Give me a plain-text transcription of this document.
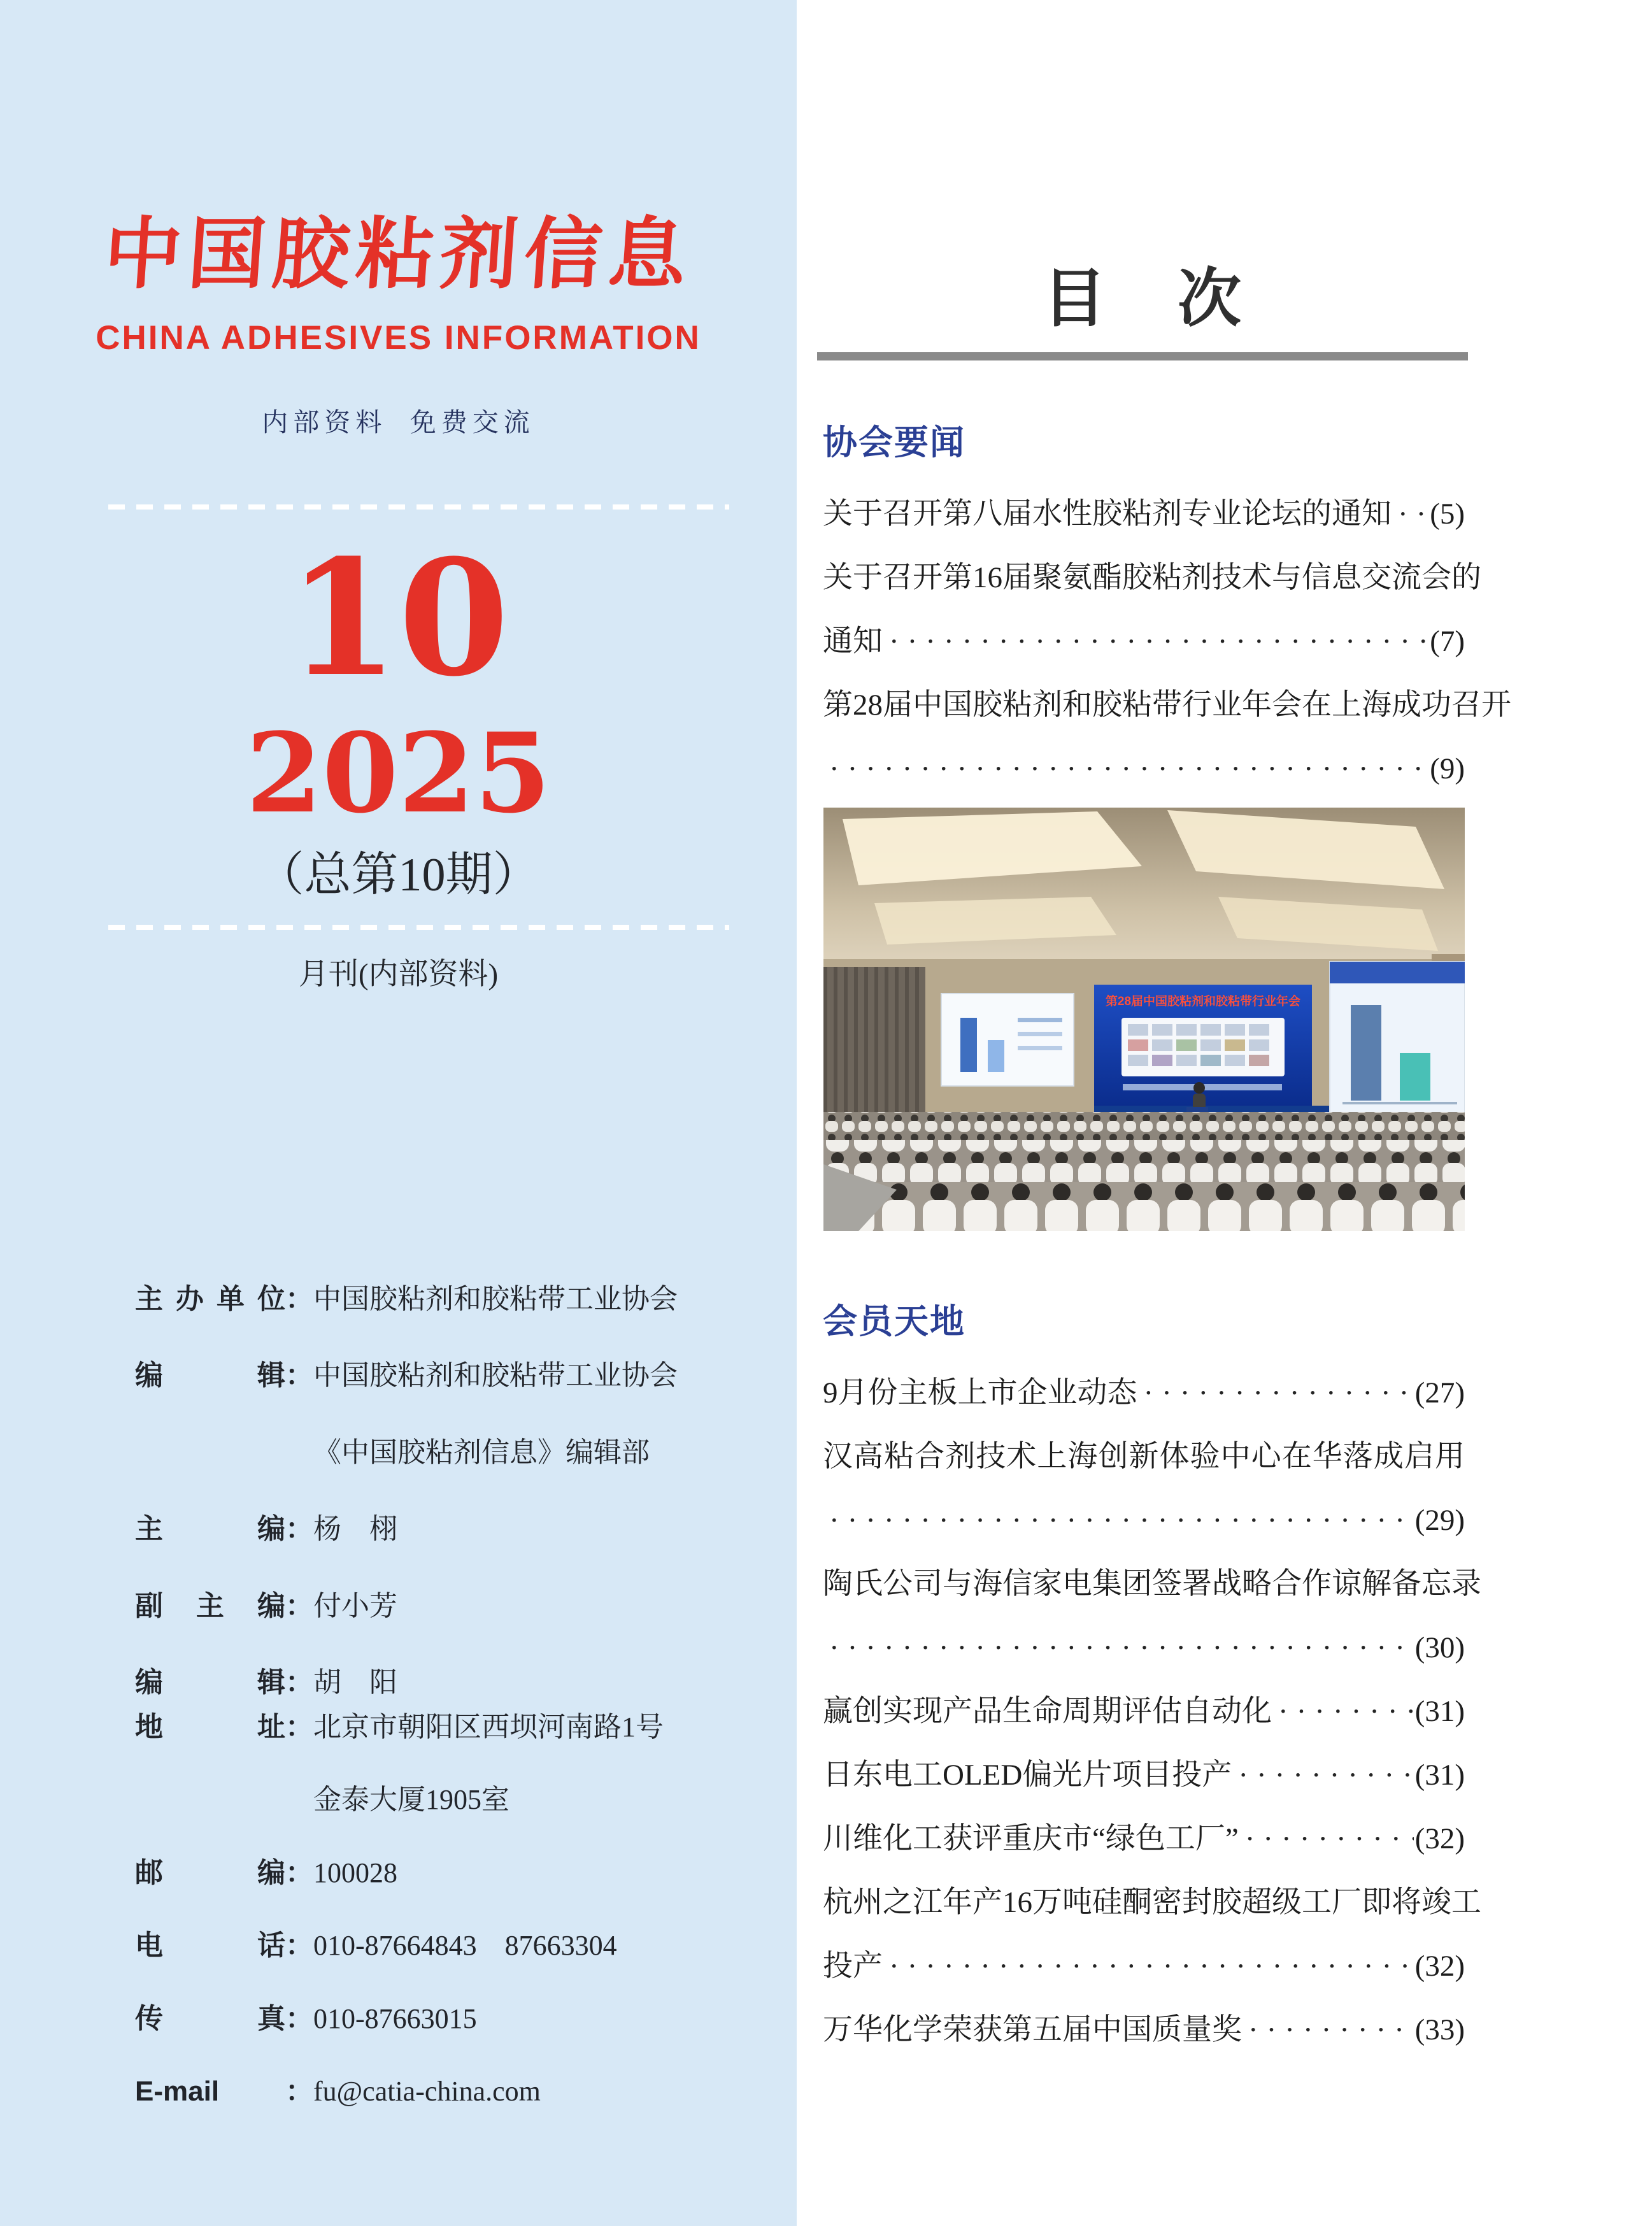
中国胶粘剂信息
CHINA ADHESIVES INFORMATION
内部资料  免费交流
10
2025
（总第10期）
月刊(内部资料)
主办单位 ： 中国胶粘剂和胶粘带工业协会
编辑 ： 中国胶粘剂和胶粘带工业协会
《中国胶粘剂信息》编辑部
主编 ： 杨　栩
副主编 ： 付小芳
编辑 ： 胡　阳
地址 ： 北京市朝阳区西坝河南路1号
金泰大厦1905室
邮编 ： 100028
电话 ： 010-87664843　87663304
传真 ： 010-87663015
E-mail	： fu@catia-china.com
目　次
协会要闻
关于召开第八届水性胶粘剂专业论坛的通知 ····· (5)
关于召开第16届聚氨酯胶粘剂技术与信息交流会的
通知 ·····	(7)
第28届中国胶粘剂和胶粘带行业年会在上海成功召开
·····
(9)
第28届中国胶粘剂和胶粘带行业年会
会员天地
9月份主板上市企业动态 ·····	(27)
汉高粘合剂技术上海创新体验中心在华落成启用
·····
(29)
陶氏公司与海信家电集团签署战略合作谅解备忘录
·····
(30)
赢创实现产品生命周期评估自动化 ·····	(31)
日东电工OLED偏光片项目投产 ·····	(31)
川维化工获评重庆市“绿色工厂” ·····	(32)
杭州之江年产16万吨硅酮密封胶超级工厂即将竣工
投产 ·····	(32)
万华化学荣获第五届中国质量奖 ·····	(33)
